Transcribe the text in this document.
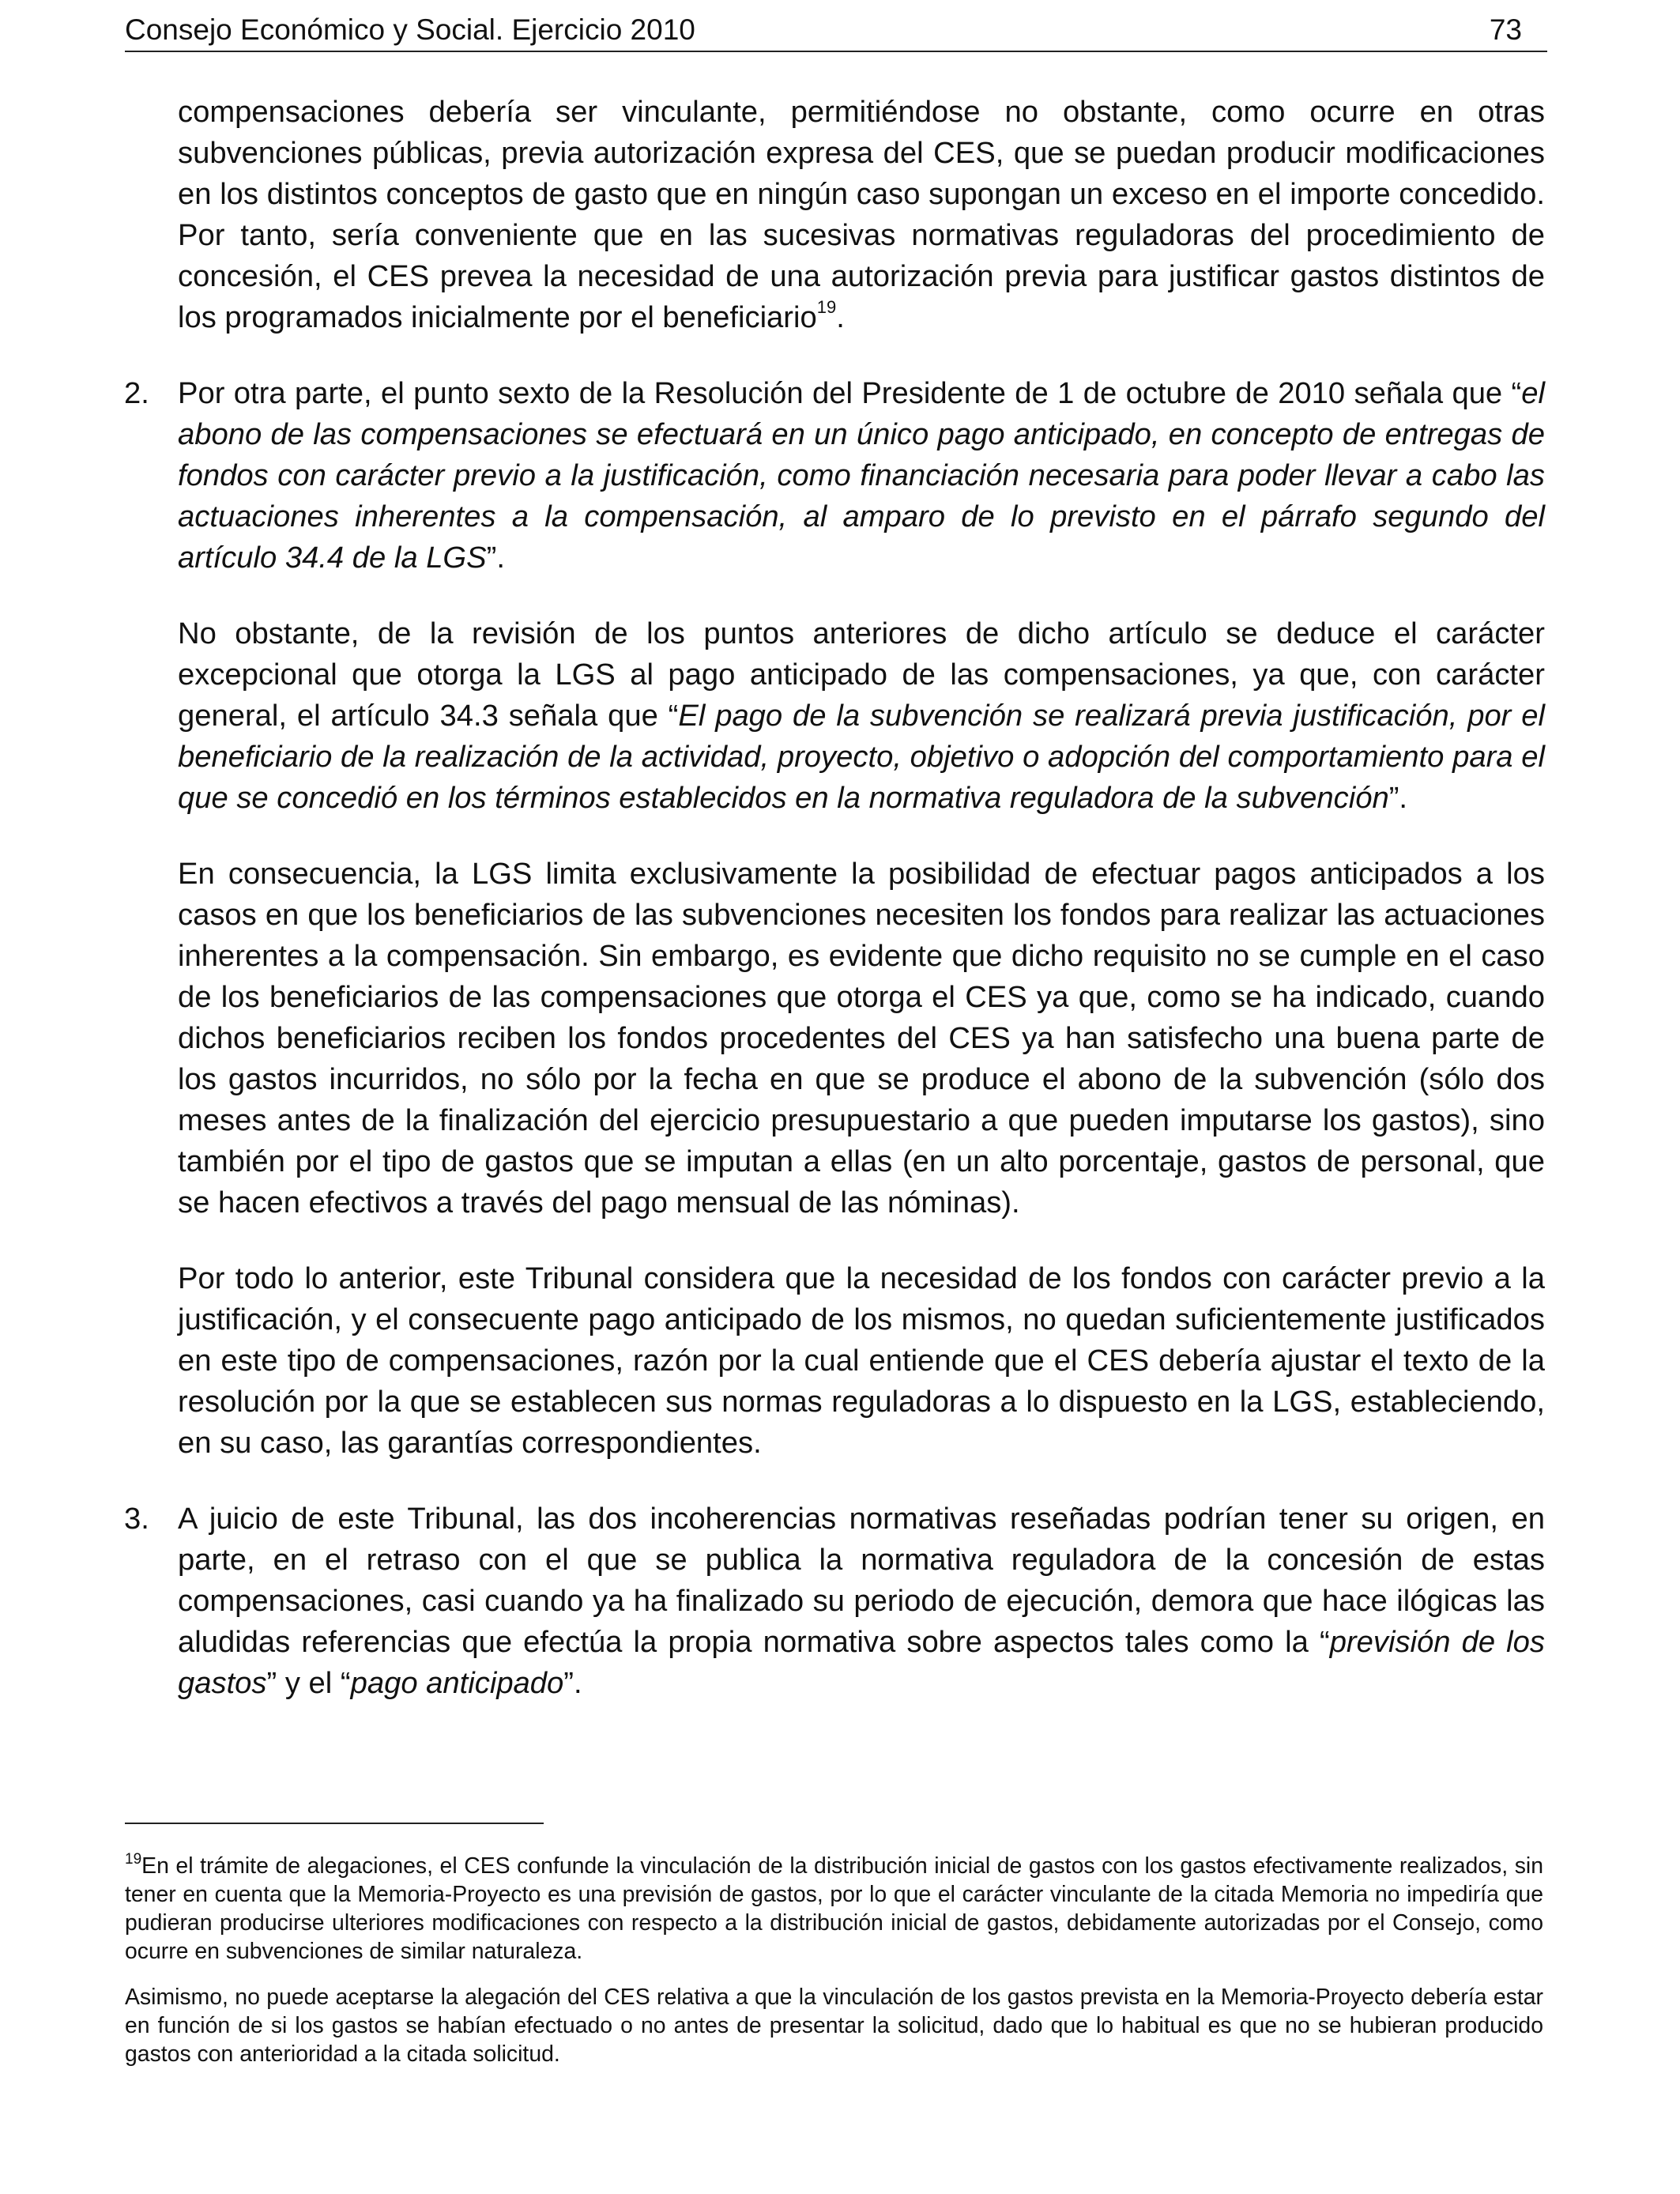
Consejo Económico y Social. Ejercicio 2010	73

compensaciones debería ser vinculante, permitiéndose no obstante, como ocurre en otras subvenciones públicas, previa autorización expresa del CES, que se puedan producir modificaciones en los distintos conceptos de gasto que en ningún caso supongan un exceso en el importe concedido. Por tanto, sería conveniente que en las sucesivas normativas reguladoras del procedimiento de concesión, el CES prevea la necesidad de una autorización previa para justificar gastos distintos de los programados inicialmente por el beneficiario$^{19}$.

2. Por otra parte, el punto sexto de la Resolución del Presidente de 1 de octubre de 2010 señala que “el abono de las compensaciones se efectuará en un único pago anticipado, en concepto de entregas de fondos con carácter previo a la justificación, como financiación necesaria para poder llevar a cabo las actuaciones inherentes a la compensación, al amparo de lo previsto en el párrafo segundo del artículo 34.4 de la LGS”.

No obstante, de la revisión de los puntos anteriores de dicho artículo se deduce el carácter excepcional que otorga la LGS al pago anticipado de las compensaciones, ya que, con carácter general, el artículo 34.3 señala que “El pago de la subvención se realizará previa justificación, por el beneficiario de la realización de la actividad, proyecto, objetivo o adopción del comportamiento para el que se concedió en los términos establecidos en la normativa reguladora de la subvención”.

En consecuencia, la LGS limita exclusivamente la posibilidad de efectuar pagos anticipados a los casos en que los beneficiarios de las subvenciones necesiten los fondos para realizar las actuaciones inherentes a la compensación. Sin embargo, es evidente que dicho requisito no se cumple en el caso de los beneficiarios de las compensaciones que otorga el CES ya que, como se ha indicado, cuando dichos beneficiarios reciben los fondos procedentes del CES ya han satisfecho una buena parte de los gastos incurridos, no sólo por la fecha en que se produce el abono de la subvención (sólo dos meses antes de la finalización del ejercicio presupuestario a que pueden imputarse los gastos), sino también por el tipo de gastos que se imputan a ellas (en un alto porcentaje, gastos de personal, que se hacen efectivos a través del pago mensual de las nóminas).

Por todo lo anterior, este Tribunal considera que la necesidad de los fondos con carácter previo a la justificación, y el consecuente pago anticipado de los mismos, no quedan suficientemente justificados en este tipo de compensaciones, razón por la cual entiende que el CES debería ajustar el texto de la resolución por la que se establecen sus normas reguladoras a lo dispuesto en la LGS, estableciendo, en su caso, las garantías correspondientes.

3. A juicio de este Tribunal, las dos incoherencias normativas reseñadas podrían tener su origen, en parte, en el retraso con el que se publica la normativa reguladora de la concesión de estas compensaciones, casi cuando ya ha finalizado su periodo de ejecución, demora que hace ilógicas las aludidas referencias que efectúa la propia normativa sobre aspectos tales como la “previsión de los gastos” y el “pago anticipado”.

$^{19}$En el trámite de alegaciones, el CES confunde la vinculación de la distribución inicial de gastos con los gastos efectivamente realizados, sin tener en cuenta que la Memoria-Proyecto es una previsión de gastos, por lo que el carácter vinculante de la citada Memoria no impediría que pudieran producirse ulteriores modificaciones con respecto a la distribución inicial de gastos, debidamente autorizadas por el Consejo, como ocurre en subvenciones de similar naturaleza.

Asimismo, no puede aceptarse la alegación del CES relativa a que la vinculación de los gastos prevista en la Memoria-Proyecto debería estar en función de si los gastos se habían efectuado o no antes de presentar la solicitud, dado que lo habitual es que no se hubieran producido gastos con anterioridad a la citada solicitud.
